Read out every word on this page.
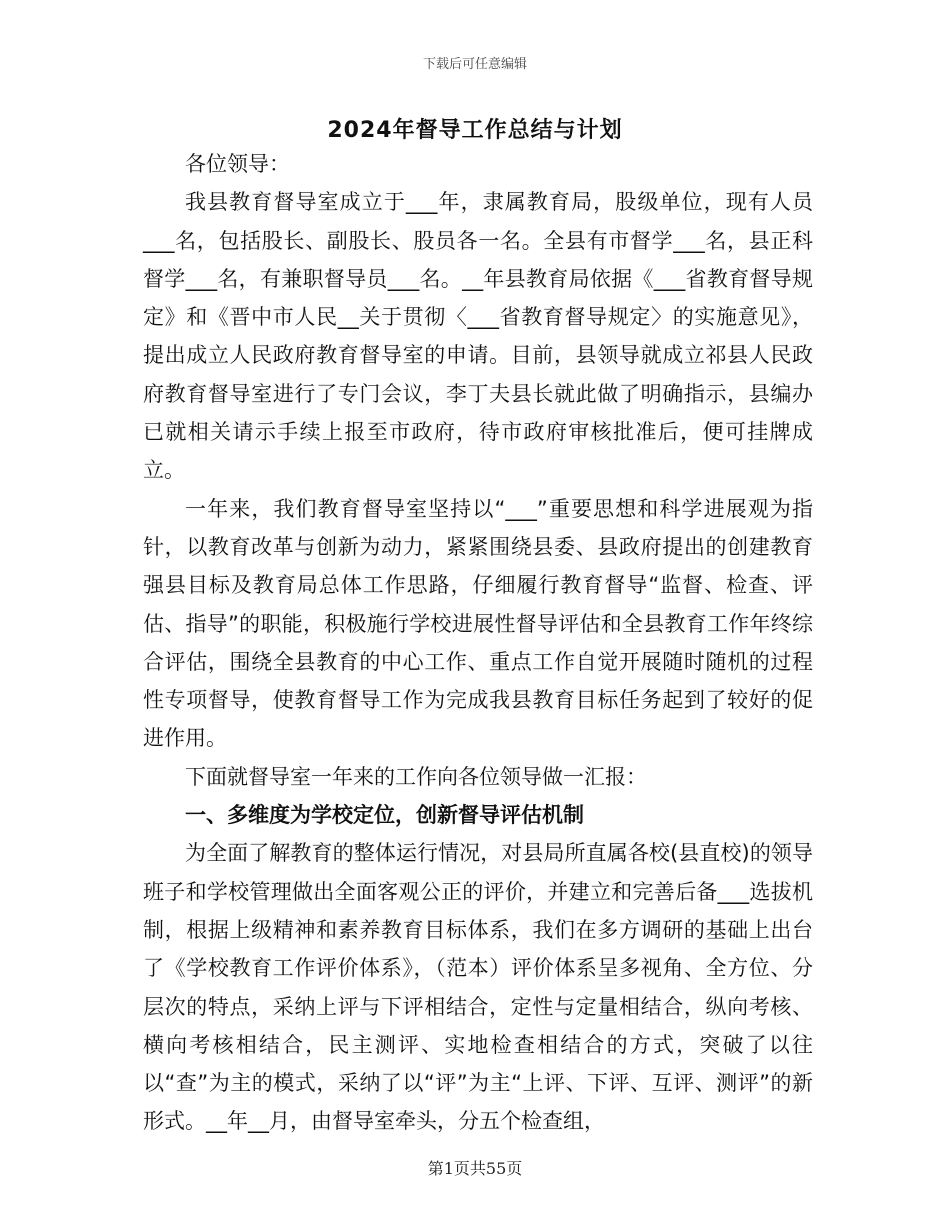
下载后可任意编辑
2024年督导工作总结与计划

各位领导：

我县教育督导室成立于___年，隶属教育局，股级单位，现有人员___名，包括股长、副股长、股员各一名。全县有市督学___名，县正科督学___名，有兼职督导员___名。__年县教育局依据《___省教育督导规定》和《晋中市人民__关于贯彻〈___省教育督导规定〉的实施意见》，提出成立人民政府教育督导室的申请。目前，县领导就成立祁县人民政府教育督导室进行了专门会议，李丁夫县长就此做了明确指示，县编办已就相关请示手续上报至市政府，待市政府审核批准后，便可挂牌成立。

一年来，我们教育督导室坚持以“___”重要思想和科学进展观为指针，以教育改革与创新为动力，紧紧围绕县委、县政府提出的创建教育强县目标及教育局总体工作思路，仔细履行教育督导“监督、检查、评估、指导”的职能，积极施行学校进展性督导评估和全县教育工作年终综合评估，围绕全县教育的中心工作、重点工作自觉开展随时随机的过程性专项督导，使教育督导工作为完成我县教育目标任务起到了较好的促进作用。

下面就督导室一年来的工作向各位领导做一汇报：

一、多维度为学校定位，创新督导评估机制

为全面了解教育的整体运行情况，对县局所直属各校(县直校)的领导班子和学校管理做出全面客观公正的评价，并建立和完善后备___选拔机制，根据上级精神和素养教育目标体系，我们在多方调研的基础上出台了《学校教育工作评价体系》，（范本）评价体系呈多视角、全方位、分层次的特点，采纳上评与下评相结合，定性与定量相结合，纵向考核、横向考核相结合，民主测评、实地检查相结合的方式，突破了以往以“查”为主的模式，采纳了以“评”为主“上评、下评、互评、测评”的新形式。__年__月，由督导室牵头，分五个检查组，

第1页共55页
